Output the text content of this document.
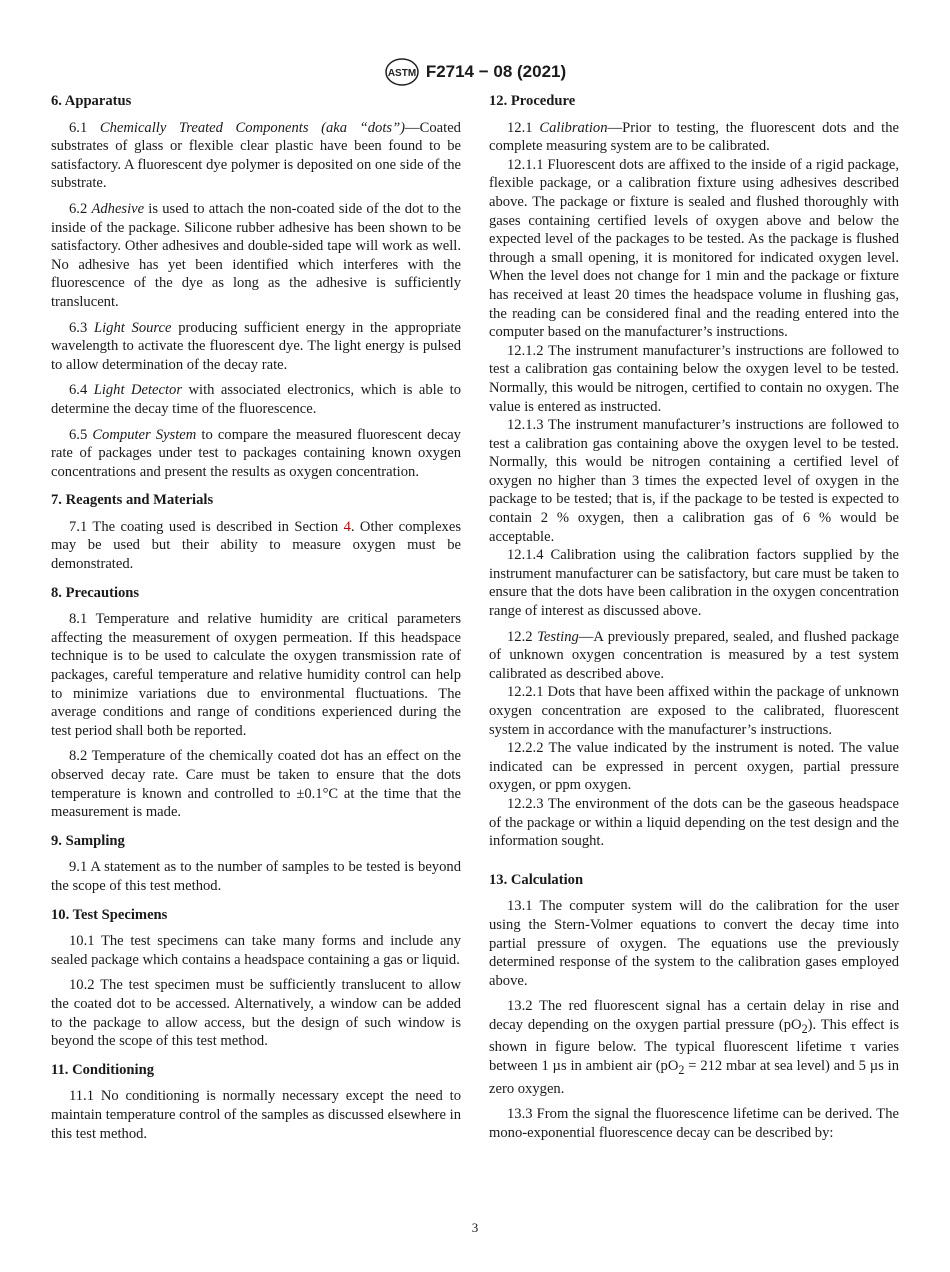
ASTM F2714 − 08 (2021)
6. Apparatus

6.1 Chemically Treated Components (aka “dots”)—Coated substrates of glass or flexible clear plastic have been found to be satisfactory. A fluorescent dye polymer is deposited on one side of the substrate.

6.2 Adhesive is used to attach the non-coated side of the dot to the inside of the package. Silicone rubber adhesive has been shown to be satisfactory. Other adhesives and double-sided tape will work as well. No adhesive has yet been identified which interferes with the fluorescence of the dye as long as the adhesive is sufficiently translucent.

6.3 Light Source producing sufficient energy in the appropriate wavelength to activate the fluorescent dye. The light energy is pulsed to allow determination of the decay rate.

6.4 Light Detector with associated electronics, which is able to determine the decay time of the fluorescence.

6.5 Computer System to compare the measured fluorescent decay rate of packages under test to packages containing known oxygen concentrations and present the results as oxygen concentration.

7. Reagents and Materials

7.1 The coating used is described in Section 4. Other complexes may be used but their ability to measure oxygen must be demonstrated.

8. Precautions

8.1 Temperature and relative humidity are critical parameters affecting the measurement of oxygen permeation. If this headspace technique is to be used to calculate the oxygen transmission rate of packages, careful temperature and relative humidity control can help to minimize variations due to environmental fluctuations. The average conditions and range of conditions experienced during the test period shall both be reported.

8.2 Temperature of the chemically coated dot has an effect on the observed decay rate. Care must be taken to ensure that the dots temperature is known and controlled to ±0.1°C at the time that the measurement is made.

9. Sampling

9.1 A statement as to the number of samples to be tested is beyond the scope of this test method.

10. Test Specimens

10.1 The test specimens can take many forms and include any sealed package which contains a headspace containing a gas or liquid.

10.2 The test specimen must be sufficiently translucent to allow the coated dot to be accessed. Alternatively, a window can be added to the package to allow access, but the design of such window is beyond the scope of this test method.

11. Conditioning

11.1 No conditioning is normally necessary except the need to maintain temperature control of the samples as discussed elsewhere in this test method.

12. Procedure

12.1 Calibration—Prior to testing, the fluorescent dots and the complete measuring system are to be calibrated.

12.1.1 Fluorescent dots are affixed to the inside of a rigid package, flexible package, or a calibration fixture using adhesives described above. The package or fixture is sealed and flushed thoroughly with gases containing certified levels of oxygen above and below the expected level of the packages to be tested. As the package is flushed through a small opening, it is monitored for indicated oxygen level. When the level does not change for 1 min and the package or fixture has received at least 20 times the headspace volume in flushing gas, the reading can be considered final and the reading entered into the computer based on the manufacturer’s instructions.

12.1.2 The instrument manufacturer’s instructions are followed to test a calibration gas containing below the oxygen level to be tested. Normally, this would be nitrogen, certified to contain no oxygen. The value is entered as instructed.

12.1.3 The instrument manufacturer’s instructions are followed to test a calibration gas containing above the oxygen level to be tested. Normally, this would be nitrogen containing a certified level of oxygen no higher than 3 times the expected level of oxygen in the package to be tested; that is, if the package to be tested is expected to contain 2 % oxygen, then a calibration gas of 6 % would be acceptable.

12.1.4 Calibration using the calibration factors supplied by the instrument manufacturer can be satisfactory, but care must be taken to ensure that the dots have been calibration in the oxygen concentration range of interest as discussed above.

12.2 Testing—A previously prepared, sealed, and flushed package of unknown oxygen concentration is measured by a test system calibrated as described above.

12.2.1 Dots that have been affixed within the package of unknown oxygen concentration are exposed to the calibrated, fluorescent system in accordance with the manufacturer’s instructions.

12.2.2 The value indicated by the instrument is noted. The value indicated can be expressed in percent oxygen, partial pressure oxygen, or ppm oxygen.

12.2.3 The environment of the dots can be the gaseous headspace of the package or within a liquid depending on the test design and the information sought.

13. Calculation

13.1 The computer system will do the calibration for the user using the Stern-Volmer equations to convert the decay time into partial pressure of oxygen. The equations use the previously determined response of the system to the calibration gases employed above.

13.2 The red fluorescent signal has a certain delay in rise and decay depending on the oxygen partial pressure $(pO_2)$. This effect is shown in figure below. The typical fluorescent lifetime τ varies between 1 µs in ambient air ($pO_2 = 212$ mbar at sea level) and 5 µs in zero oxygen.

13.3 From the signal the fluorescence lifetime can be derived. The mono-exponential fluorescence decay can be described by:

3
